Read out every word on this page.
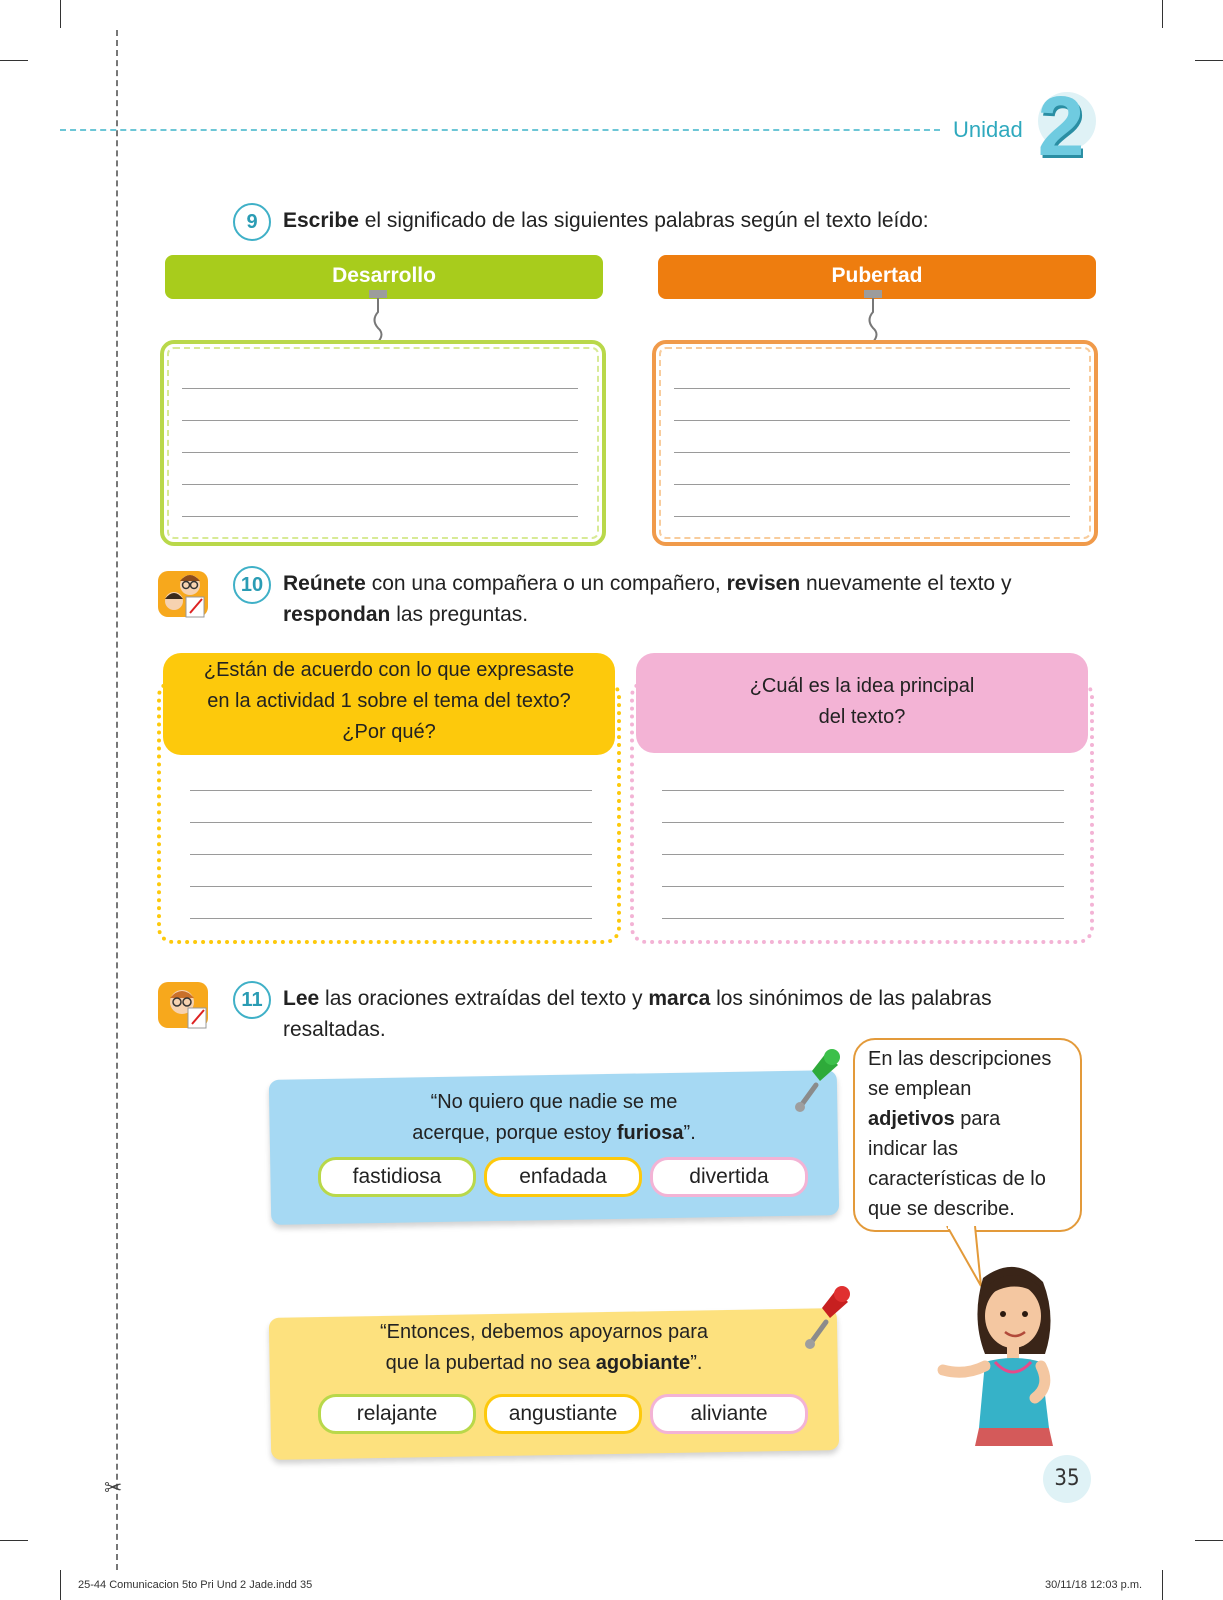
✂
Unidad 2
9	Escribe el significado de las siguientes palabras según el texto leído:
Desarrollo	Pubertad
10 Reúnete con una compañera o un compañero, revisen nuevamente el texto y
respondan las preguntas.
¿Están de acuerdo con lo que expresaste
en la actividad 1 sobre el tema del texto?
¿Por qué?
¿Cuál es la idea principal
del texto?
11 Lee las oraciones extraídas del texto y marca los sinónimos de las palabras
resaltadas.
“No quiero que nadie se me
acerque, porque estoy furiosa”.
fastidiosa	enfadada	divertida
“Entonces, debemos apoyarnos para
que la pubertad no sea agobiante”.
relajante	angustiante	aliviante
En las descripciones
se emplean
adjetivos para
indicar las
características de lo
que se describe.
35
25-44 Comunicacion 5to Pri Und 2 Jade.indd 35	30/11/18 12:03 p.m.
